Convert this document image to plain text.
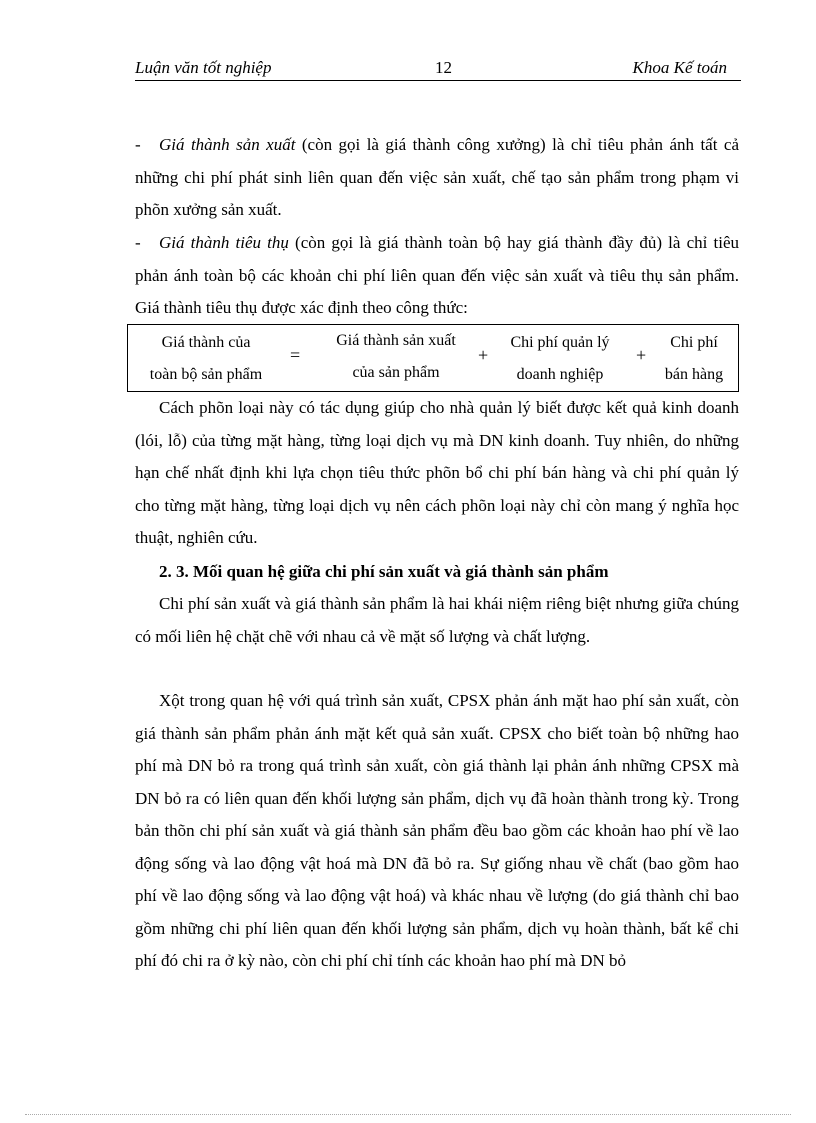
Luận văn tốt nghiệp	12	Khoa Kế toán

-Giá thành sản xuất (còn gọi là giá thành công xưởng) là chỉ tiêu phản ánh tất cả những chi phí phát sinh liên quan đến việc sản xuất, chế tạo sản phẩm trong phạm vi phõn xưởng sản xuất.

-Giá thành tiêu thụ (còn gọi là giá thành toàn bộ hay giá thành đầy đủ) là chỉ tiêu phản ánh toàn bộ các khoản chi phí liên quan đến việc sản xuất và tiêu thụ sản phẩm. Giá thành tiêu thụ được xác định theo công thức:

Giá thành của
toàn bộ sản phẩm
=
Giá thành sản xuất
của sản phẩm
+
Chi phí quản lý
doanh nghiệp
+
Chi phí
bán hàng

Cách phõn loại này có tác dụng giúp cho nhà quản lý biết được kết quả kinh doanh (lói, lỗ) của từng mặt hàng, từng loại dịch vụ mà DN kinh doanh. Tuy nhiên, do những hạn chế nhất định khi lựa chọn tiêu thức phõn bổ chi phí bán hàng và chi phí quản lý cho từng mặt hàng, từng loại dịch vụ nên cách phõn loại này chỉ còn mang ý nghĩa học thuật, nghiên cứu.

2. 3. Mối quan hệ giữa chi phí sản xuất và giá thành sản phẩm

Chi phí sản xuất và giá thành sản phẩm là hai khái niệm riêng biệt nhưng giữa chúng có mối liên hệ chặt chẽ với nhau cả về mặt số lượng và chất lượng.

Xột trong quan hệ với quá trình sản xuất, CPSX phản ánh mặt hao phí sản xuất, còn giá thành sản phẩm phản ánh mặt kết quả sản xuất. CPSX cho biết toàn bộ những hao phí mà DN bỏ ra trong quá trình sản xuất, còn giá thành lại phản ánh những CPSX mà DN bỏ ra có liên quan đến khối lượng sản phẩm, dịch vụ đã hoàn thành trong kỳ. Trong bản thõn chi phí sản xuất và giá thành sản phẩm đều bao gồm các khoản hao phí về lao động sống và lao động vật hoá mà DN đã bỏ ra. Sự giống nhau về chất (bao gồm hao phí về lao động sống và lao động vật hoá) và khác nhau về lượng (do giá thành chỉ bao gồm những chi phí liên quan đến khối lượng sản phẩm, dịch vụ hoàn thành, bất kể chi phí đó chi ra ở kỳ nào, còn chi phí chỉ tính các khoản hao phí mà DN bỏ
